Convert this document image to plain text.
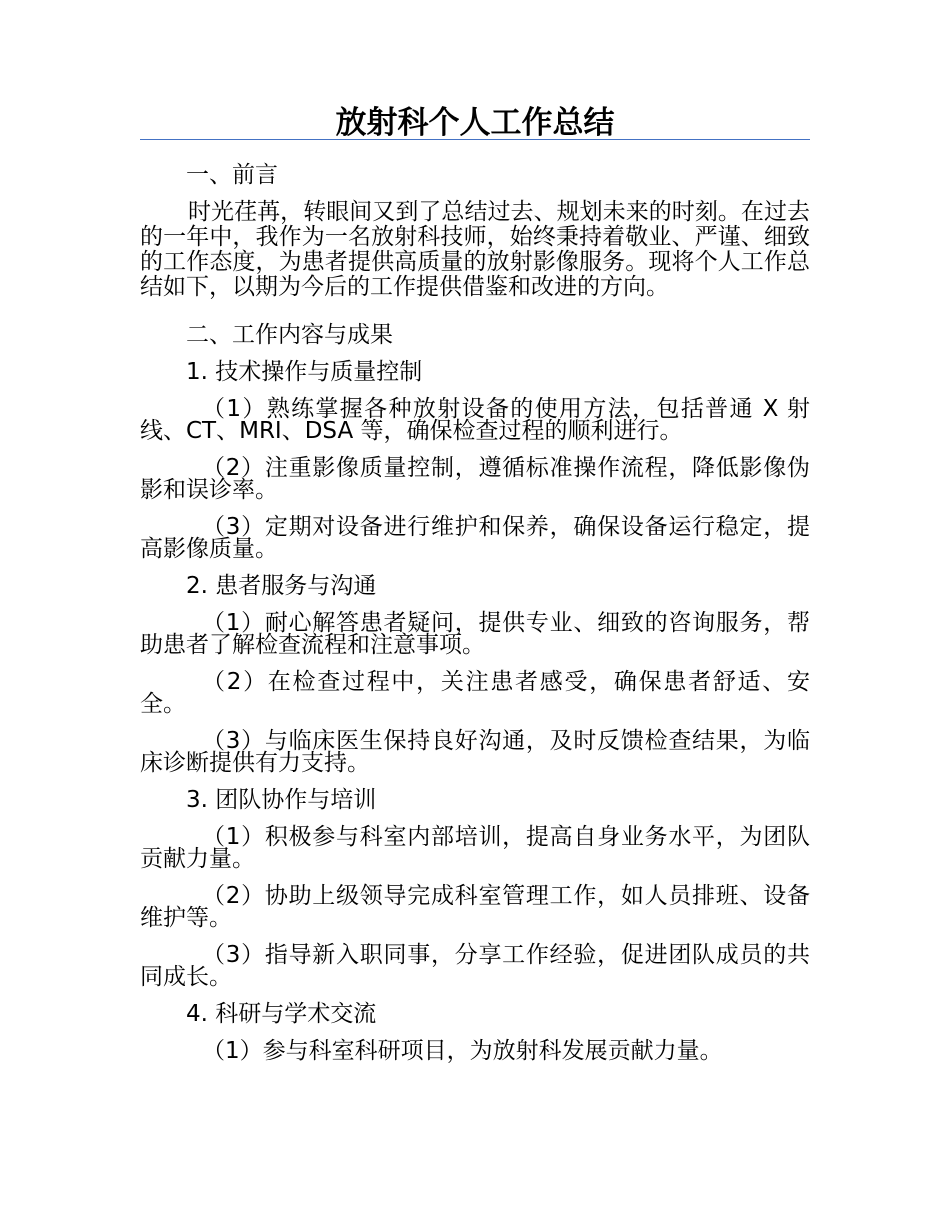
放射科个人工作总结
一、前言
时光荏苒，转眼间又到了总结过去、规划未来的时刻。在过去的一年中，我作为一名放射科技师，始终秉持着敬业、严谨、细致的工作态度，为患者提供高质量的放射影像服务。现将个人工作总结如下，以期为今后的工作提供借鉴和改进的方向。
二、工作内容与成果
1. 技术操作与质量控制
（1）熟练掌握各种放射设备的使用方法，包括普通 X 射线、CT、MRI、DSA 等，确保检查过程的顺利进行。
（2）注重影像质量控制，遵循标准操作流程，降低影像伪影和误诊率。
（3）定期对设备进行维护和保养，确保设备运行稳定，提高影像质量。
2. 患者服务与沟通
（1）耐心解答患者疑问，提供专业、细致的咨询服务，帮助患者了解检查流程和注意事项。
（2）在检查过程中，关注患者感受，确保患者舒适、安全。
（3）与临床医生保持良好沟通，及时反馈检查结果，为临床诊断提供有力支持。
3. 团队协作与培训
（1）积极参与科室内部培训，提高自身业务水平，为团队贡献力量。
（2）协助上级领导完成科室管理工作，如人员排班、设备维护等。
（3）指导新入职同事，分享工作经验，促进团队成员的共同成长。
4. 科研与学术交流
（1）参与科室科研项目，为放射科发展贡献力量。
